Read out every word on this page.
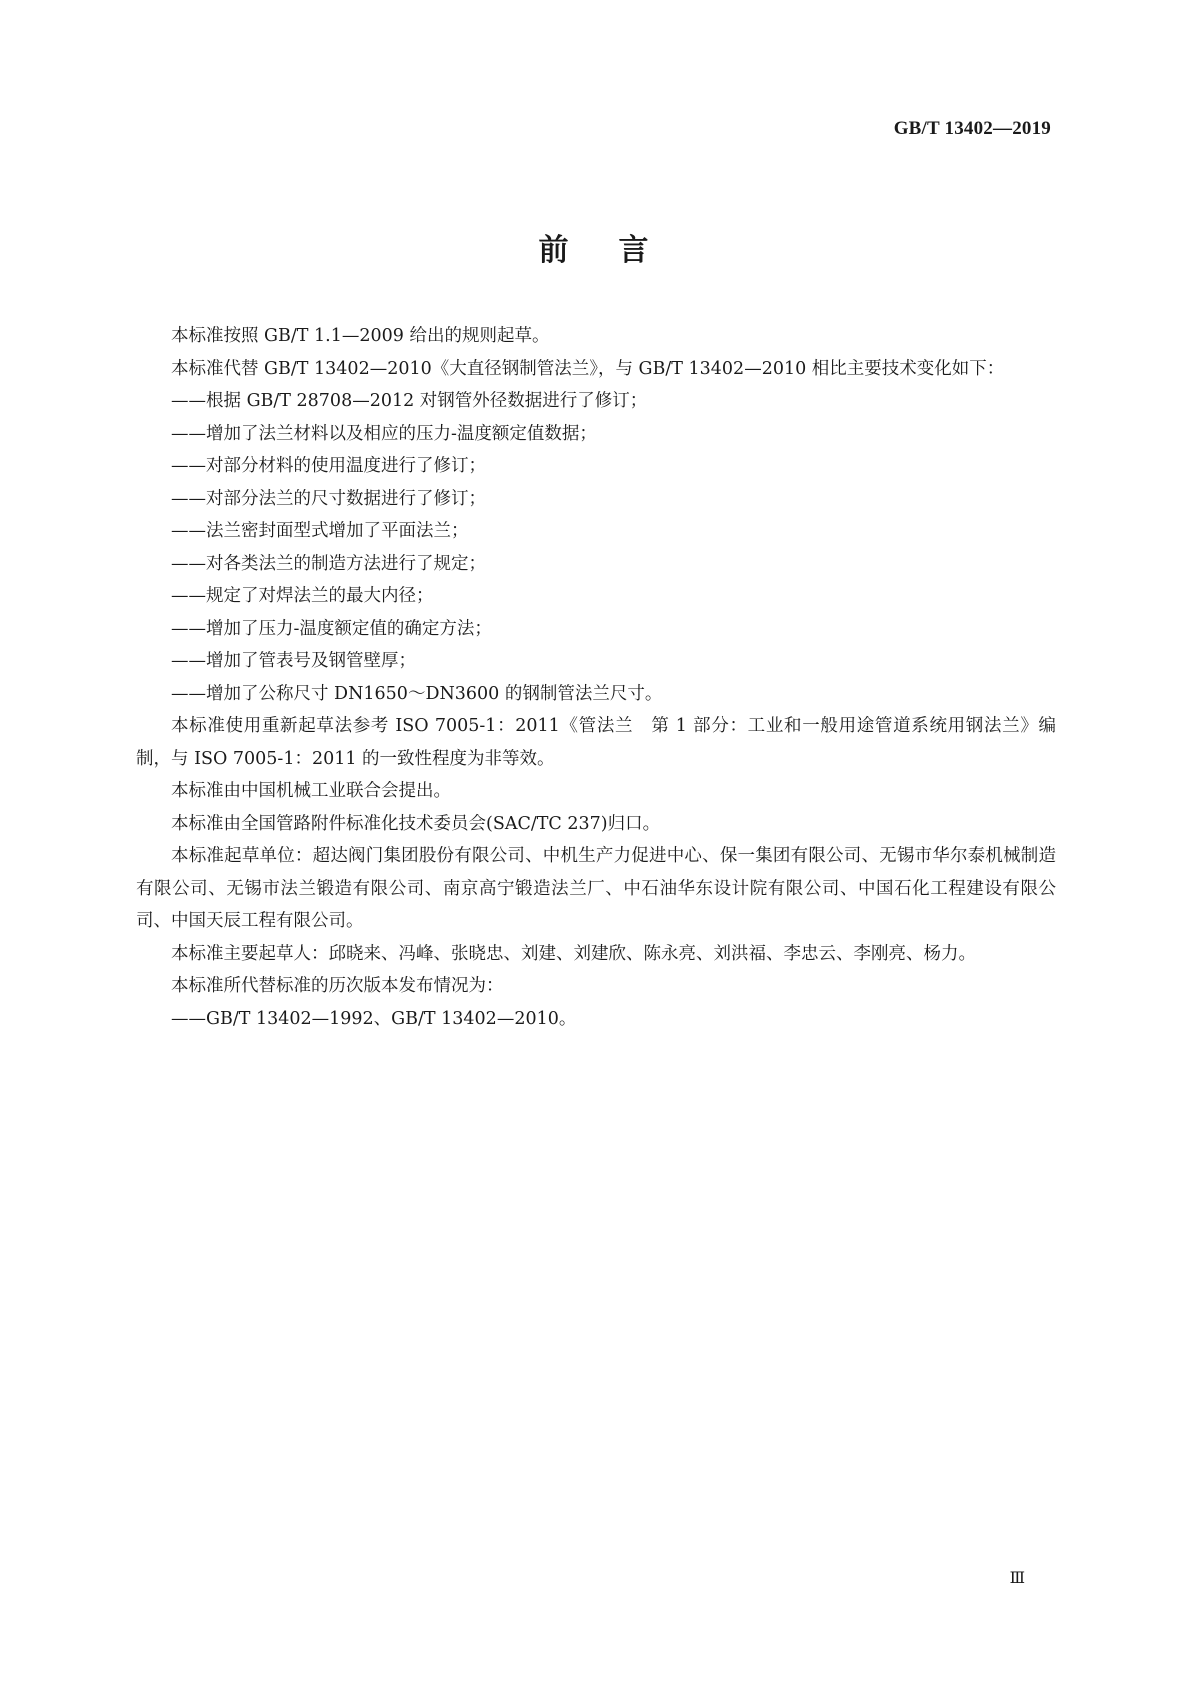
GB/T 13402—2019
前 言

本标准按照 GB/T 1.1—2009 给出的规则起草。

本标准代替 GB/T 13402—2010《大直径钢制管法兰》，与 GB/T 13402—2010 相比主要技术变化如下：

——根据 GB/T 28708—2012 对钢管外径数据进行了修订；

——增加了法兰材料以及相应的压力-温度额定值数据；

——对部分材料的使用温度进行了修订；

——对部分法兰的尺寸数据进行了修订；

——法兰密封面型式增加了平面法兰；

——对各类法兰的制造方法进行了规定；

——规定了对焊法兰的最大内径；

——增加了压力-温度额定值的确定方法；

——增加了管表号及钢管壁厚；

——增加了公称尺寸 DN1650～DN3600 的钢制管法兰尺寸。

本标准使用重新起草法参考 ISO 7005-1：2011《管法兰　第 1 部分：工业和一般用途管道系统用钢法兰》编制，与 ISO 7005-1：2011 的一致性程度为非等效。

本标准由中国机械工业联合会提出。

本标准由全国管路附件标准化技术委员会(SAC/TC 237)归口。

本标准起草单位：超达阀门集团股份有限公司、中机生产力促进中心、保一集团有限公司、无锡市华尔泰机械制造有限公司、无锡市法兰锻造有限公司、南京高宁锻造法兰厂、中石油华东设计院有限公司、中国石化工程建设有限公司、中国天辰工程有限公司。

本标准主要起草人：邱晓来、冯峰、张晓忠、刘建、刘建欣、陈永亮、刘洪福、李忠云、李刚亮、杨力。

本标准所代替标准的历次版本发布情况为：

——GB/T 13402—1992、GB/T 13402—2010。

Ⅲ
